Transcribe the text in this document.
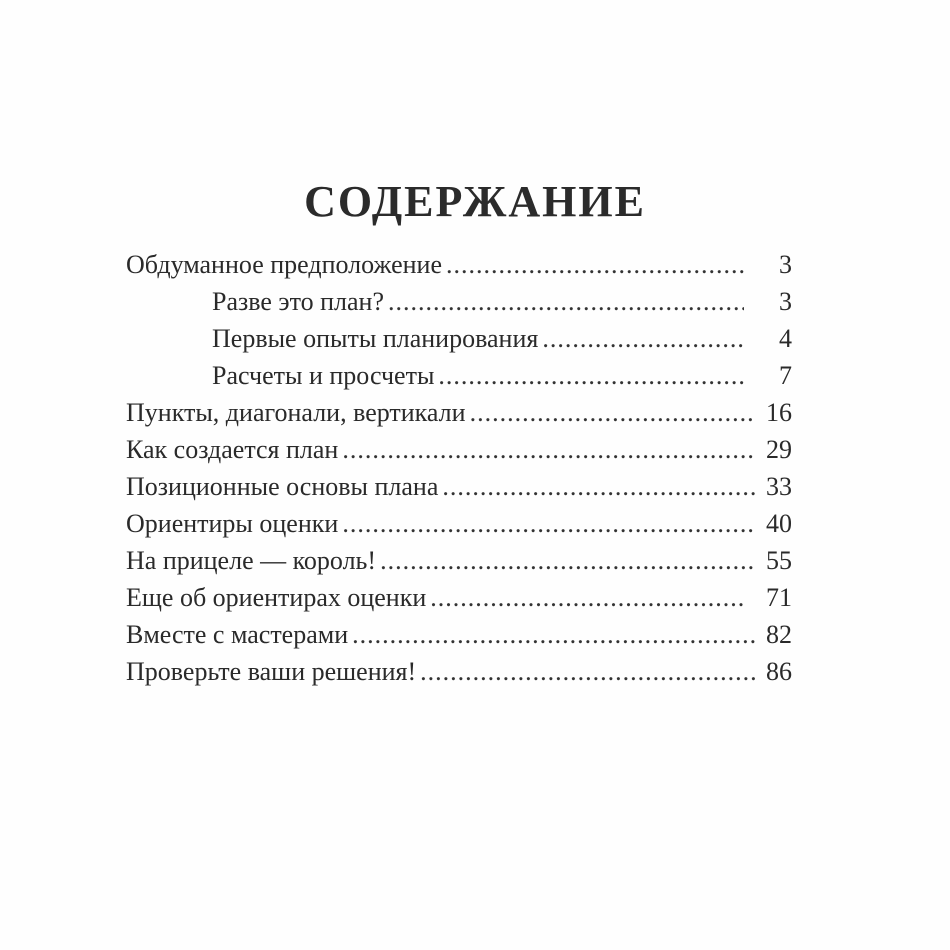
СОДЕРЖАНИЕ
Обдуманное предположение .....	3
Разве это план? .....	3
Первые опыты планирования .....	4
Расчеты и просчеты .....	7
Пункты, диагонали, вертикали .....	16
Как создается план .....	29
Позиционные основы плана .....	33
Ориентиры оценки .....	40
На прицеле — король! .....	55
Еще об ориентирах оценки .....	71
Вместе с мастерами .....	82
Проверьте ваши решения! .....	86
